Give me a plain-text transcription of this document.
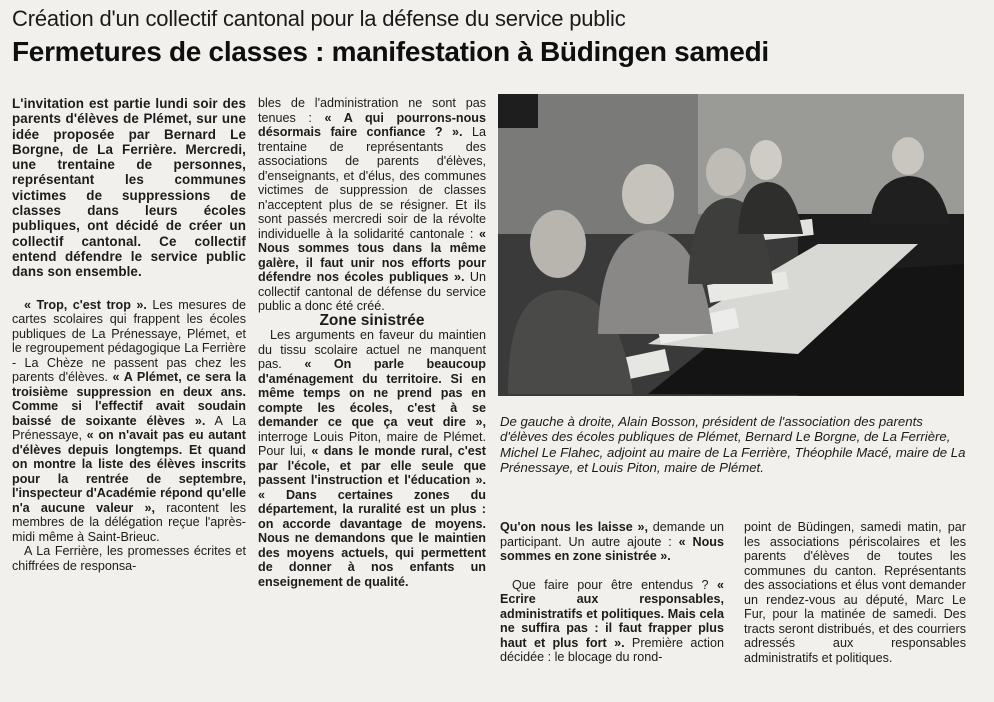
Création d'un collectif cantonal pour la défense du service public
Fermetures de classes : manifestation à Büdingen samedi

L'invitation est partie lundi soir des parents d'élèves de Plémet, sur une idée proposée par Bernard Le Borgne, de La Ferrière. Mercredi, une trentaine de personnes, représentant les communes victimes de suppressions de classes dans leurs écoles publiques, ont décidé de créer un collectif cantonal. Ce collectif entend défendre le service public dans son ensemble.

« Trop, c'est trop ». Les mesures de cartes scolaires qui frappent les écoles publiques de La Prénessaye, Plémet, et le regroupement pédagogique La Ferrière - La Chèze ne passent pas chez les parents d'élèves. « A Plémet, ce sera la troisième suppression en deux ans. Comme si l'effectif avait soudain baissé de soixante élèves ». A La Prénessaye, « on n'avait pas eu autant d'élèves depuis longtemps. Et quand on montre la liste des élèves inscrits pour la rentrée de septembre, l'inspecteur d'Académie répond qu'elle n'a aucune valeur », racontent les membres de la délégation reçue l'après-midi même à Saint-Brieuc.

A La Ferrière, les promesses écrites et chiffrées de responsa-

bles de l'administration ne sont pas tenues : « A qui pourrons-nous désormais faire confiance ? ». La trentaine de représentants des associations de parents d'élèves, d'enseignants, et d'élus, des communes victimes de suppression de classes n'acceptent plus de se résigner. Et ils sont passés mercredi soir de la révolte individuelle à la solidarité cantonale : « Nous sommes tous dans la même galère, il faut unir nos efforts pour défendre nos écoles publiques ». Un collectif cantonal de défense du service public a donc été créé.

Zone sinistrée

Les arguments en faveur du maintien du tissu scolaire actuel ne manquent pas. « On parle beaucoup d'aménagement du territoire. Si en même temps on ne prend pas en compte les écoles, c'est à se demander ce que ça veut dire », interroge Louis Piton, maire de Plémet. Pour lui, « dans le monde rural, c'est par l'école, et par elle seule que passent l'instruction et l'éducation ». « Dans certaines zones du département, la ruralité est un plus : on accorde davantage de moyens. Nous ne demandons que le maintien des moyens actuels, qui permettent de donner à nos enfants un enseignement de qualité.

De gauche à droite, Alain Bosson, président de l'association des parents d'élèves des écoles publiques de Plémet, Bernard Le Borgne, de La Ferrière, Michel Le Flahec, adjoint au maire de La Ferrière, Théophile Macé, maire de La Prénessaye, et Louis Piton, maire de Plémet.

Qu'on nous les laisse », demande un participant. Un autre ajoute : « Nous sommes en zone sinistrée ».

Que faire pour être entendus ? « Ecrire aux responsables, administratifs et politiques. Mais cela ne suffira pas : il faut frapper plus haut et plus fort ». Première action décidée : le blocage du rond-

point de Büdingen, samedi matin, par les associations périscolaires et les parents d'élèves de toutes les communes du canton. Représentants des associations et élus vont demander un rendez-vous au député, Marc Le Fur, pour la matinée de samedi. Des tracts seront distribués, et des courriers adressés aux responsables administratifs et politiques.
